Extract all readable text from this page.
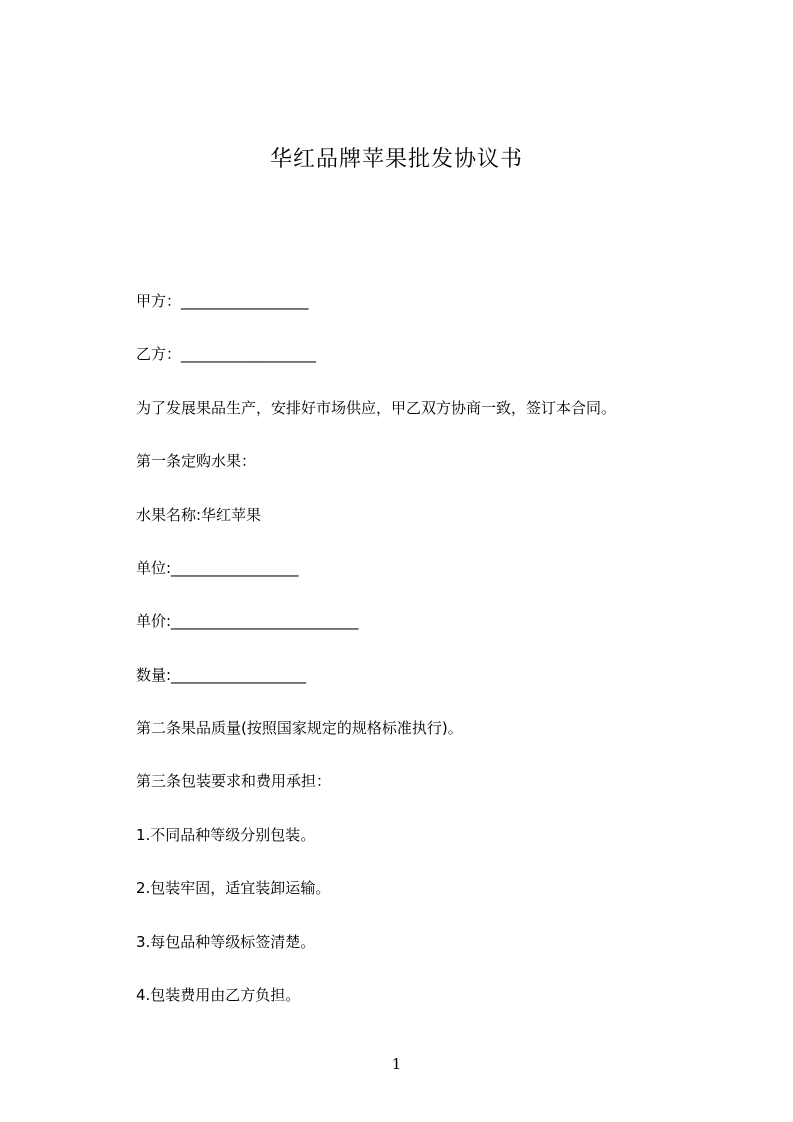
华红品牌苹果批发协议书

甲方：_________________

乙方：__________________

为了发展果品生产，安排好市场供应，甲乙双方协商一致，签订本合同。

第一条定购水果：

水果名称:华红苹果

单位:_________________

单价:_________________________

数量:__________________

第二条果品质量(按照国家规定的规格标准执行)。

第三条包装要求和费用承担：

1.不同品种等级分别包装。

2.包装牢固，适宜装卸运输。

3.每包品种等级标签清楚。

4.包装费用由乙方负担。

1
